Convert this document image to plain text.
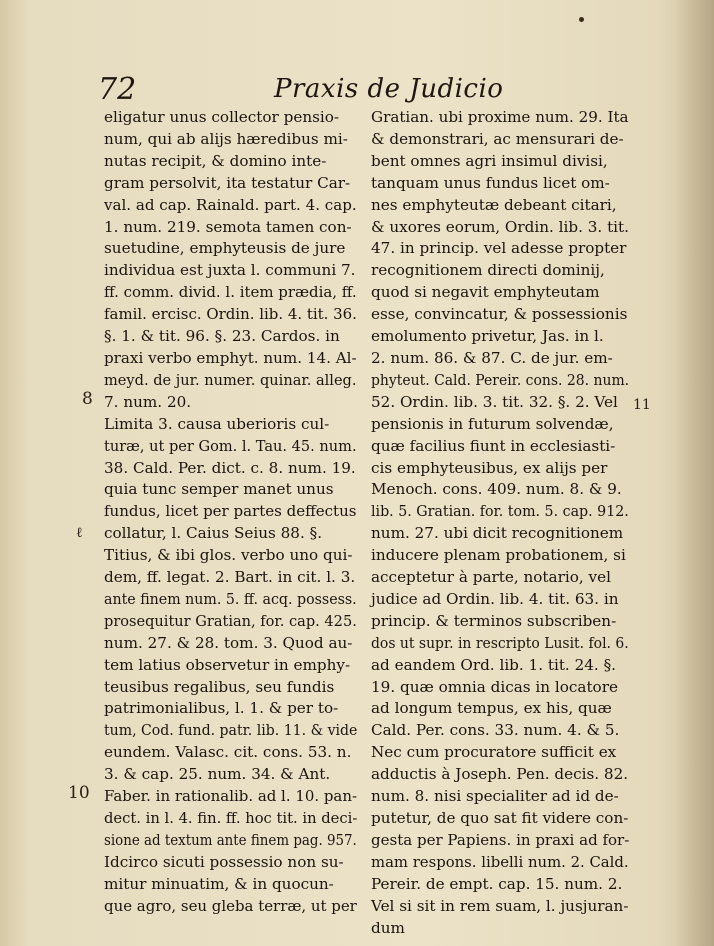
72	Praxis de Judicio
eligatur unus collector pensio-
num, qui ab alijs hæredibus mi-
nutas recipit, & domino inte-
gram persolvit, ita testatur Car-
val. ad cap. Rainald. part. 4. cap.
1. num. 219. semota tamen con-
suetudine, emphyteusis de jure
individua est juxta l. communi 7.
ff. comm. divid. l. item prædia, ff.
famil. ercisc. Ordin. lib. 4. tit. 36.
§. 1. & tit. 96. §. 23. Cardos. in
praxi verbo emphyt. num. 14. Al-
meyd. de jur. numer. quinar. alleg.
7. num. 20.
Limita 3. causa uberioris cul-
turæ, ut per Gom. l. Tau. 45. num.
38. Cald. Per. dict. c. 8. num. 19.
quia tunc semper manet unus
fundus, licet per partes deffectus
collatur, l. Caius Seius 88. §.
Titius, & ibi glos. verbo uno qui-
dem, ff. legat. 2. Bart. in cit. l. 3.
ante finem num. 5. ff. acq. possess.
prosequitur Gratian, for. cap. 425.
num. 27. & 28. tom. 3. Quod au-
tem latius observetur in emphy-
teusibus regalibus, seu fundis
patrimonialibus, l. 1. & per to-
tum, Cod. fund. patr. lib. 11. & vide
eundem. Valasc. cit. cons. 53. n.
3. & cap. 25. num. 34. & Ant.
Faber. in rationalib. ad l. 10. pan-
dect. in l. 4. fin. ff. hoc tit. in deci-
sione ad textum ante finem pag. 957.
Idcirco sicuti possessio non su-
mitur minuatim, & in quocun-
que agro, seu gleba terræ, ut per
Gratian. ubi proxime num. 29. Ita
& demonstrari, ac mensurari de-
bent omnes agri insimul divisi,
tanquam unus fundus licet om-
nes emphyteutæ debeant citari,
& uxores eorum, Ordin. lib. 3. tit.
47. in princip. vel adesse propter
recognitionem directi dominij,
quod si negavit emphyteutam
esse, convincatur, & possessionis
emolumento privetur, Jas. in l.
2. num. 86. & 87. C. de jur. em-
phyteut. Cald. Pereir. cons. 28. num.
52. Ordin. lib. 3. tit. 32. §. 2. Vel
pensionis in futurum solvendæ,
quæ facilius fiunt in ecclesiasti-
cis emphyteusibus, ex alijs per
Menoch. cons. 409. num. 8. & 9.
lib. 5. Gratian. for. tom. 5. cap. 912.
num. 27. ubi dicit recognitionem
inducere plenam probationem, si
acceptetur à parte, notario, vel
judice ad Ordin. lib. 4. tit. 63. in
princip. & terminos subscriben-
dos ut supr. in rescripto Lusit. fol. 6.
ad eandem Ord. lib. 1. tit. 24. §.
19. quæ omnia dicas in locatore
ad longum tempus, ex his, quæ
Cald. Per. cons. 33. num. 4. & 5.
Nec cum procuratore sufficit ex
adductis à Joseph. Pen. decis. 82.
num. 8. nisi specialiter ad id de-
putetur, de quo sat fit videre con-
gesta per Papiens. in praxi ad for-
mam respons. libelli num. 2. Cald.
Pereir. de empt. cap. 15. num. 2.
Vel si sit in rem suam, l. jusjuran-
dum
8
ℓ
10
11
